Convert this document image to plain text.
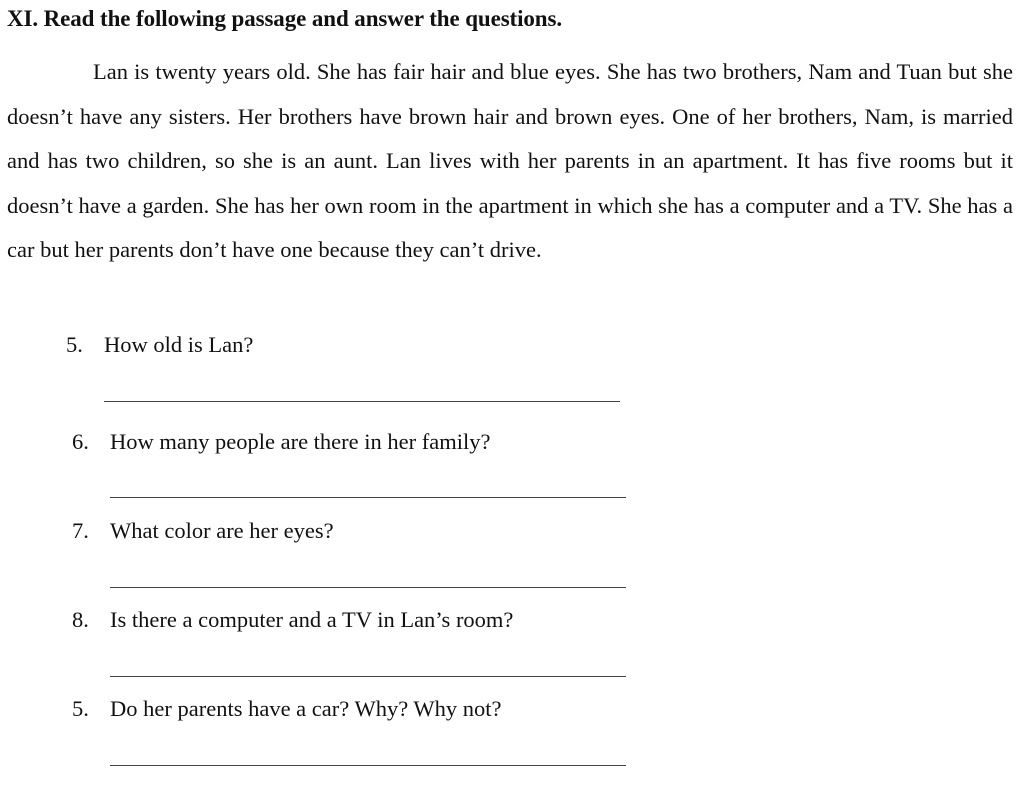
XI. Read the following passage and answer the questions.

Lan is twenty years old. She has fair hair and blue eyes. She has two brothers, Nam and Tuan but she doesn’t have any sisters. Her brothers have brown hair and brown eyes. One of her brothers, Nam, is married and has two children, so she is an aunt. Lan lives with her parents in an apartment. It has five rooms but it doesn’t have a garden. She has her own room in the apartment in which she has a computer and a TV. She has a car but her parents don’t have one because they can’t drive.

5. How old is Lan?
6. How many people are there in her family?
7. What color are her eyes?
8. Is there a computer and a TV in Lan’s room?
5. Do her parents have a car? Why? Why not?
